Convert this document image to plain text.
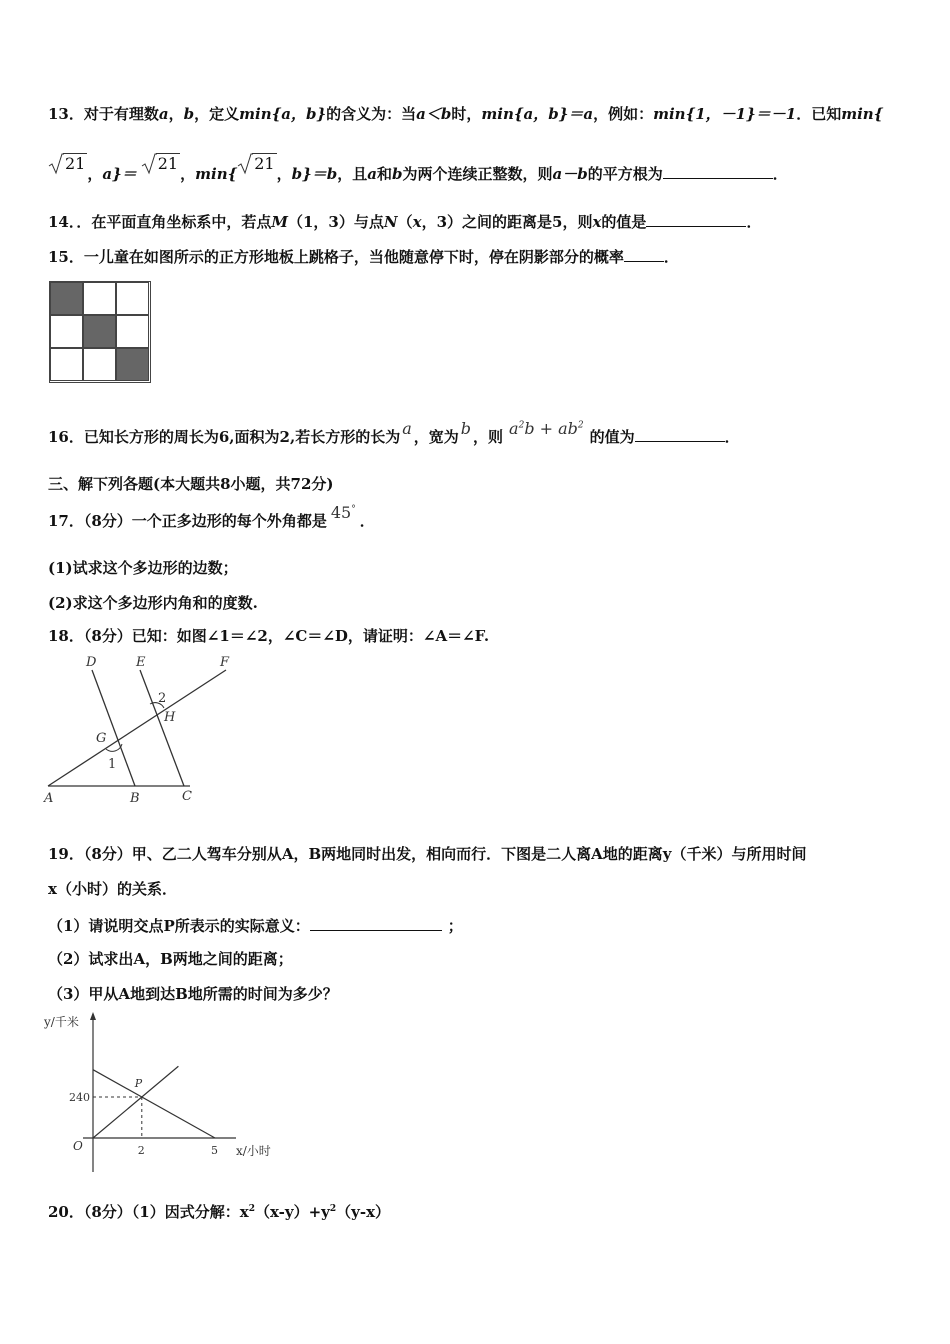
13．对于有理数a，b，定义min{a，b}的含义为：当a＜b时，min{a，b}＝a，例如：min{1，－1}＝－1．已知min{
21，a}＝
21，min{
21，b}＝b，且a和b为两个连续正整数，则a－b的平方根为	．
14．．在平面直角坐标系中，若点M（1，3）与点N（x，3）之间的距离是5，则x的值是	．
15．一儿童在如图所示的正方形地板上跳格子，当他随意停下时，停在阴影部分的概率	．
16．已知长方形的周长为6,面积为2,若长方形的长为 a ，宽为 b ，则 $a^2b + ab^2$的值为	．
三、解下列各题(本大题共8小题，共72分)
17．（8分）一个正多边形的每个外角都是 45°．
(1)试求这个多边形的边数；
(2)求这个多边形内角和的度数.
18．（8分）已知：如图∠1＝∠2，∠C＝∠D，请证明：∠A＝∠F.
D	E	F
G
H
A	B	C
1
2
19．（8分）甲、乙二人驾车分别从A，B两地同时出发，相向而行．下图是二人离A地的距离y（千米）与所用时间
x（小时）的关系．
（1）请说明交点P所表示的实际意义：	；
（2）试求出A，B两地之间的距离；
（3）甲从A地到达B地所需的时间为多少？
y/千米
x/小时
O
P
2	5
240
20．（8分）（1）因式分解：$x^2(x-y)+y^2(y-x)$
